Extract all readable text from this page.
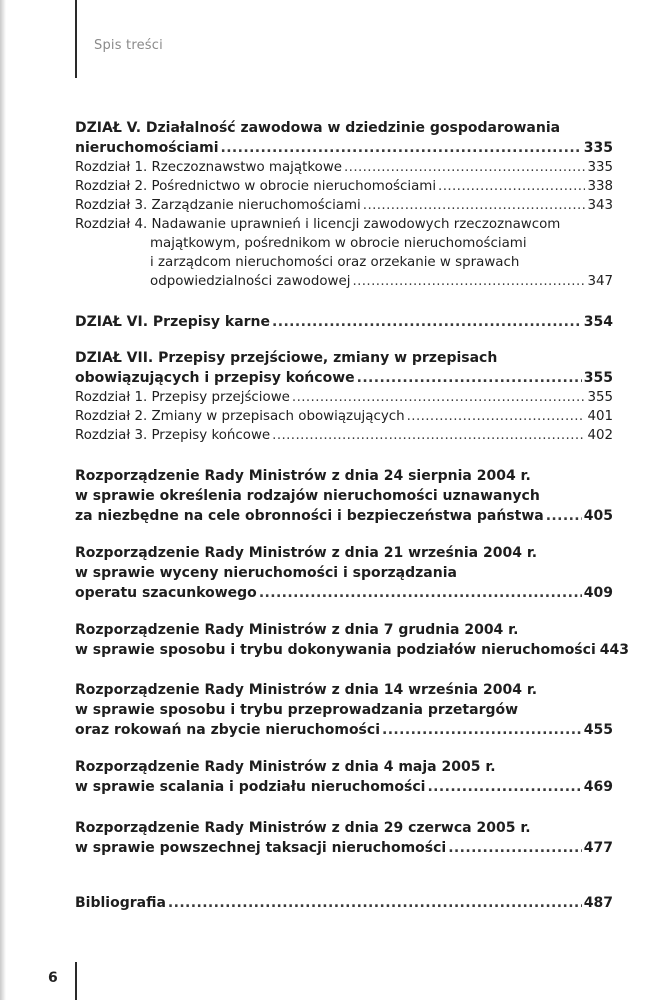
Spis treści
6
DZIAŁ V. Działalność zawodowa w dziedzinie gospodarowania
nieruchomościami .....	335
Rozdział 1. Rzeczoznawstwo majątkowe .....	335
Rozdział 2. Pośrednictwo w obrocie nieruchomościami .....	338
Rozdział 3. Zarządzanie nieruchomościami .....	343
Rozdział 4. Nadawanie uprawnień i licencji zawodowych rzeczoznawcom
majątkowym, pośrednikom w obrocie nieruchomościami
i zarządcom nieruchomości oraz orzekanie w sprawach
odpowiedzialności zawodowej .....	347
DZIAŁ VI. Przepisy karne .....	354
DZIAŁ VII. Przepisy przejściowe, zmiany w przepisach
obowiązujących i przepisy końcowe .....	355
Rozdział 1. Przepisy przejściowe .....	355
Rozdział 2. Zmiany w przepisach obowiązujących .....	401
Rozdział 3. Przepisy końcowe .....	402
Rozporządzenie Rady Ministrów z dnia 24 sierpnia 2004 r.
w sprawie określenia rodzajów nieruchomości uznawanych
za niezbędne na cele obronności i bezpieczeństwa państwa .....	405
Rozporządzenie Rady Ministrów z dnia 21 września 2004 r.
w sprawie wyceny nieruchomości i sporządzania
operatu szacunkowego .....	409
Rozporządzenie Rady Ministrów z dnia 7 grudnia 2004 r.
w sprawie sposobu i trybu dokonywania podziałów nieruchomości 443
Rozporządzenie Rady Ministrów z dnia 14 września 2004 r.
w sprawie sposobu i trybu przeprowadzania przetargów
oraz rokowań na zbycie nieruchomości .....	455
Rozporządzenie Rady Ministrów z dnia 4 maja 2005 r.
w sprawie scalania i podziału nieruchomości .....	469
Rozporządzenie Rady Ministrów z dnia 29 czerwca 2005 r.
w sprawie powszechnej taksacji nieruchomości .....	477
Bibliografia .....	487
